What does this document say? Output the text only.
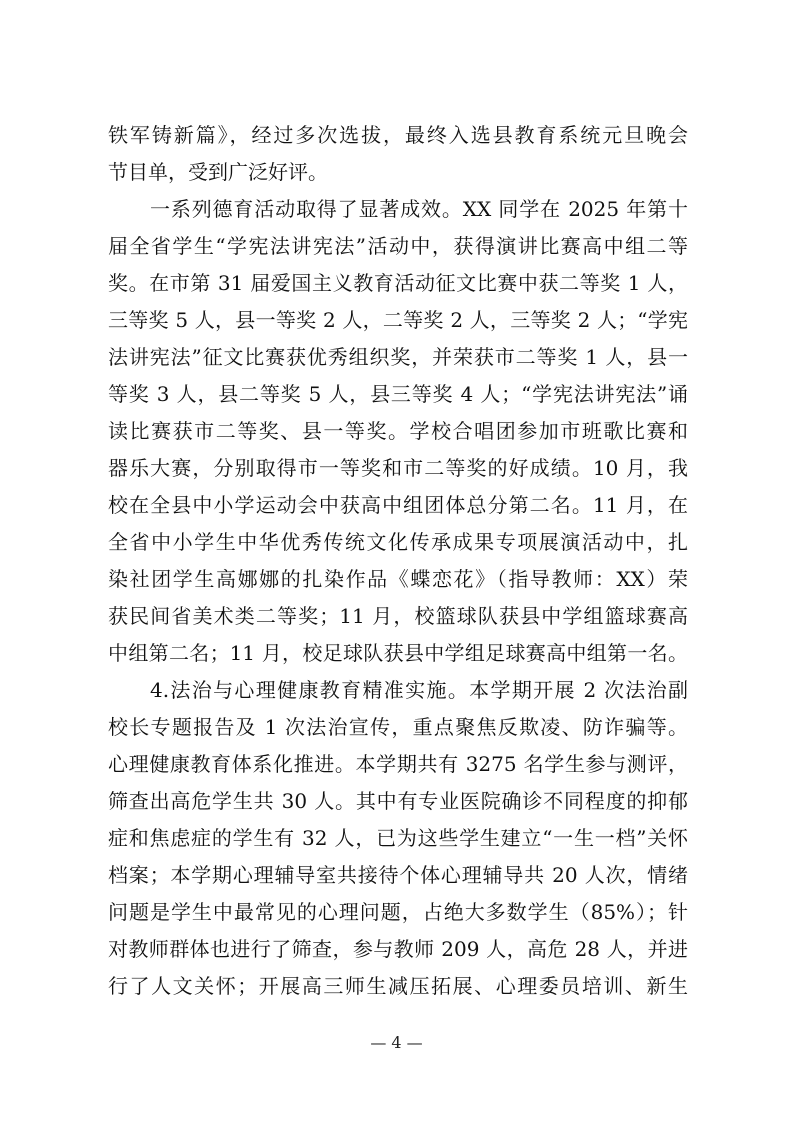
铁军铸新篇》，经过多次选拔，最终入选县教育系统元旦晚会
节目单，受到广泛好评。
一系列德育活动取得了显著成效。XX 同学在 2025 年第十
届全省学生“学宪法讲宪法”活动中，获得演讲比赛高中组二等
奖。在市第 31 届爱国主义教育活动征文比赛中获二等奖 1 人，
三等奖 5 人，县一等奖 2 人，二等奖 2 人，三等奖 2 人；“学宪
法讲宪法”征文比赛获优秀组织奖，并荣获市二等奖 1 人，县一
等奖 3 人，县二等奖 5 人，县三等奖 4 人；“学宪法讲宪法”诵
读比赛获市二等奖、县一等奖。学校合唱团参加市班歌比赛和
器乐大赛，分别取得市一等奖和市二等奖的好成绩。10 月，我
校在全县中小学运动会中获高中组团体总分第二名。11 月，在
全省中小学生中华优秀传统文化传承成果专项展演活动中，扎
染社团学生高娜娜的扎染作品《蝶恋花》（指导教师：XX）荣
获民间省美术类二等奖；11 月，校篮球队获县中学组篮球赛高
中组第二名；11 月，校足球队获县中学组足球赛高中组第一名。
4.法治与心理健康教育精准实施。本学期开展 2 次法治副
校长专题报告及 1 次法治宣传，重点聚焦反欺凌、防诈骗等。
心理健康教育体系化推进。本学期共有 3275 名学生参与测评，
筛查出高危学生共 30 人。其中有专业医院确诊不同程度的抑郁
症和焦虑症的学生有 32 人，已为这些学生建立“一生一档”关怀
档案；本学期心理辅导室共接待个体心理辅导共 20 人次，情绪
问题是学生中最常见的心理问题，占绝大多数学生（85%）；针
对教师群体也进行了筛查，参与教师 209 人，高危 28 人，并进
行了人文关怀；开展高三师生减压拓展、心理委员培训、新生
— 4 —
